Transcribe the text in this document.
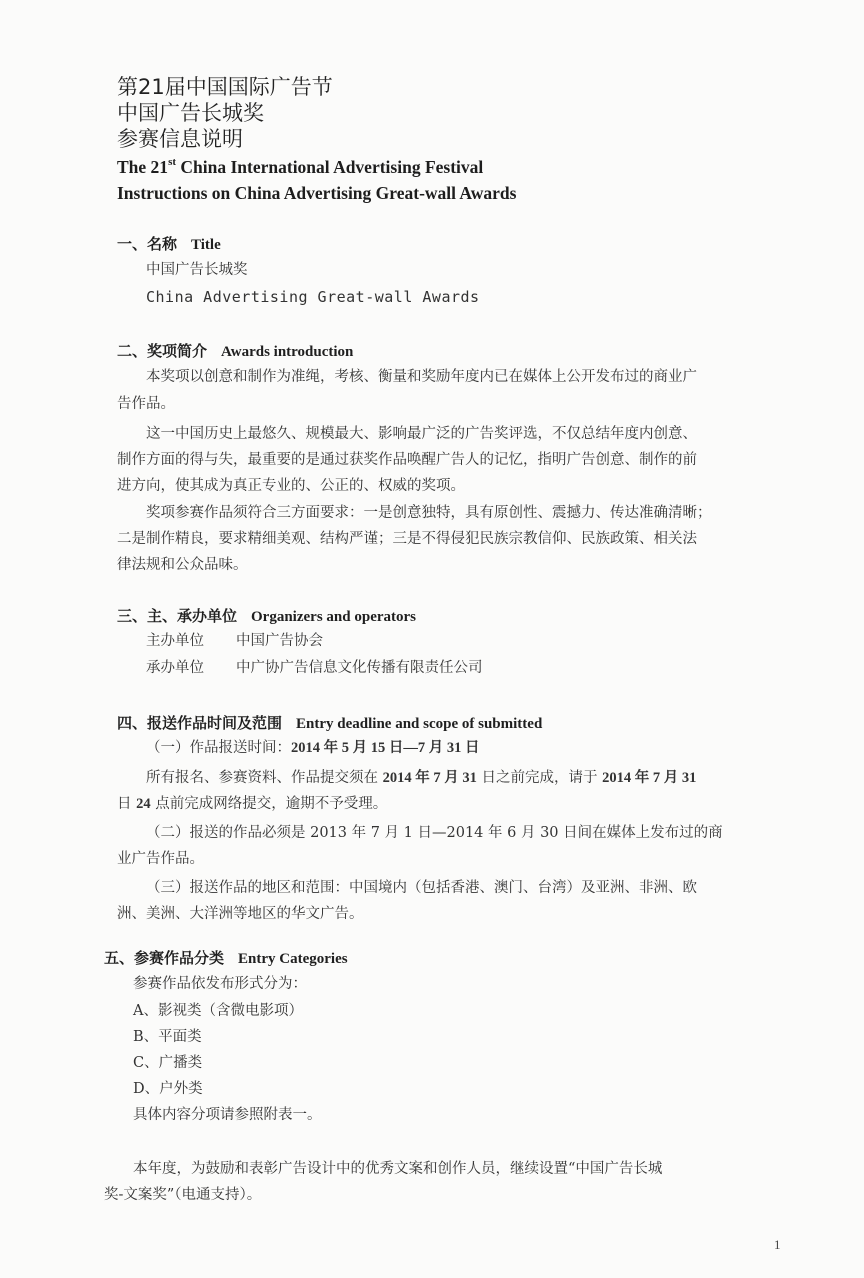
第21届中国国际广告节
中国广告长城奖
参赛信息说明
The 21st China International Advertising Festival
Instructions on China Advertising Great-wall Awards
一、名称 Title
中国广告长城奖
China Advertising Great-wall Awards
二、奖项简介 Awards introduction
本奖项以创意和制作为准绳，考核、衡量和奖励年度内已在媒体上公开发布过的商业广
告作品。
这一中国历史上最悠久、规模最大、影响最广泛的广告奖评选，不仅总结年度内创意、
制作方面的得与失，最重要的是通过获奖作品唤醒广告人的记忆，指明广告创意、制作的前
进方向，使其成为真正专业的、公正的、权威的奖项。
奖项参赛作品须符合三方面要求：一是创意独特，具有原创性、震撼力、传达准确清晰；
二是制作精良，要求精细美观、结构严谨；三是不得侵犯民族宗教信仰、民族政策、相关法
律法规和公众品味。
三、主、承办单位 Organizers and operators
主办单位 中国广告协会
承办单位 中广协广告信息文化传播有限责任公司
四、报送作品时间及范围 Entry deadline and scope of submitted
（一）作品报送时间：2014 年 5 月 15 日—7 月 31 日
所有报名、参赛资料、作品提交须在 2014 年 7 月 31 日之前完成，请于 2014 年 7 月 31
日 24 点前完成网络提交，逾期不予受理。
（二）报送的作品必须是 2013 年 7 月 1 日—2014 年 6 月 30 日间在媒体上发布过的商
业广告作品。
（三）报送作品的地区和范围：中国境内（包括香港、澳门、台湾）及亚洲、非洲、欧
洲、美洲、大洋洲等地区的华文广告。
五、参赛作品分类 Entry Categories
参赛作品依发布形式分为：
A、影视类（含微电影项）
B、平面类
C、广播类
D、户外类
具体内容分项请参照附表一。
本年度，为鼓励和表彰广告设计中的优秀文案和创作人员，继续设置“中国广告长城
奖-文案奖”（电通支持）。
1
